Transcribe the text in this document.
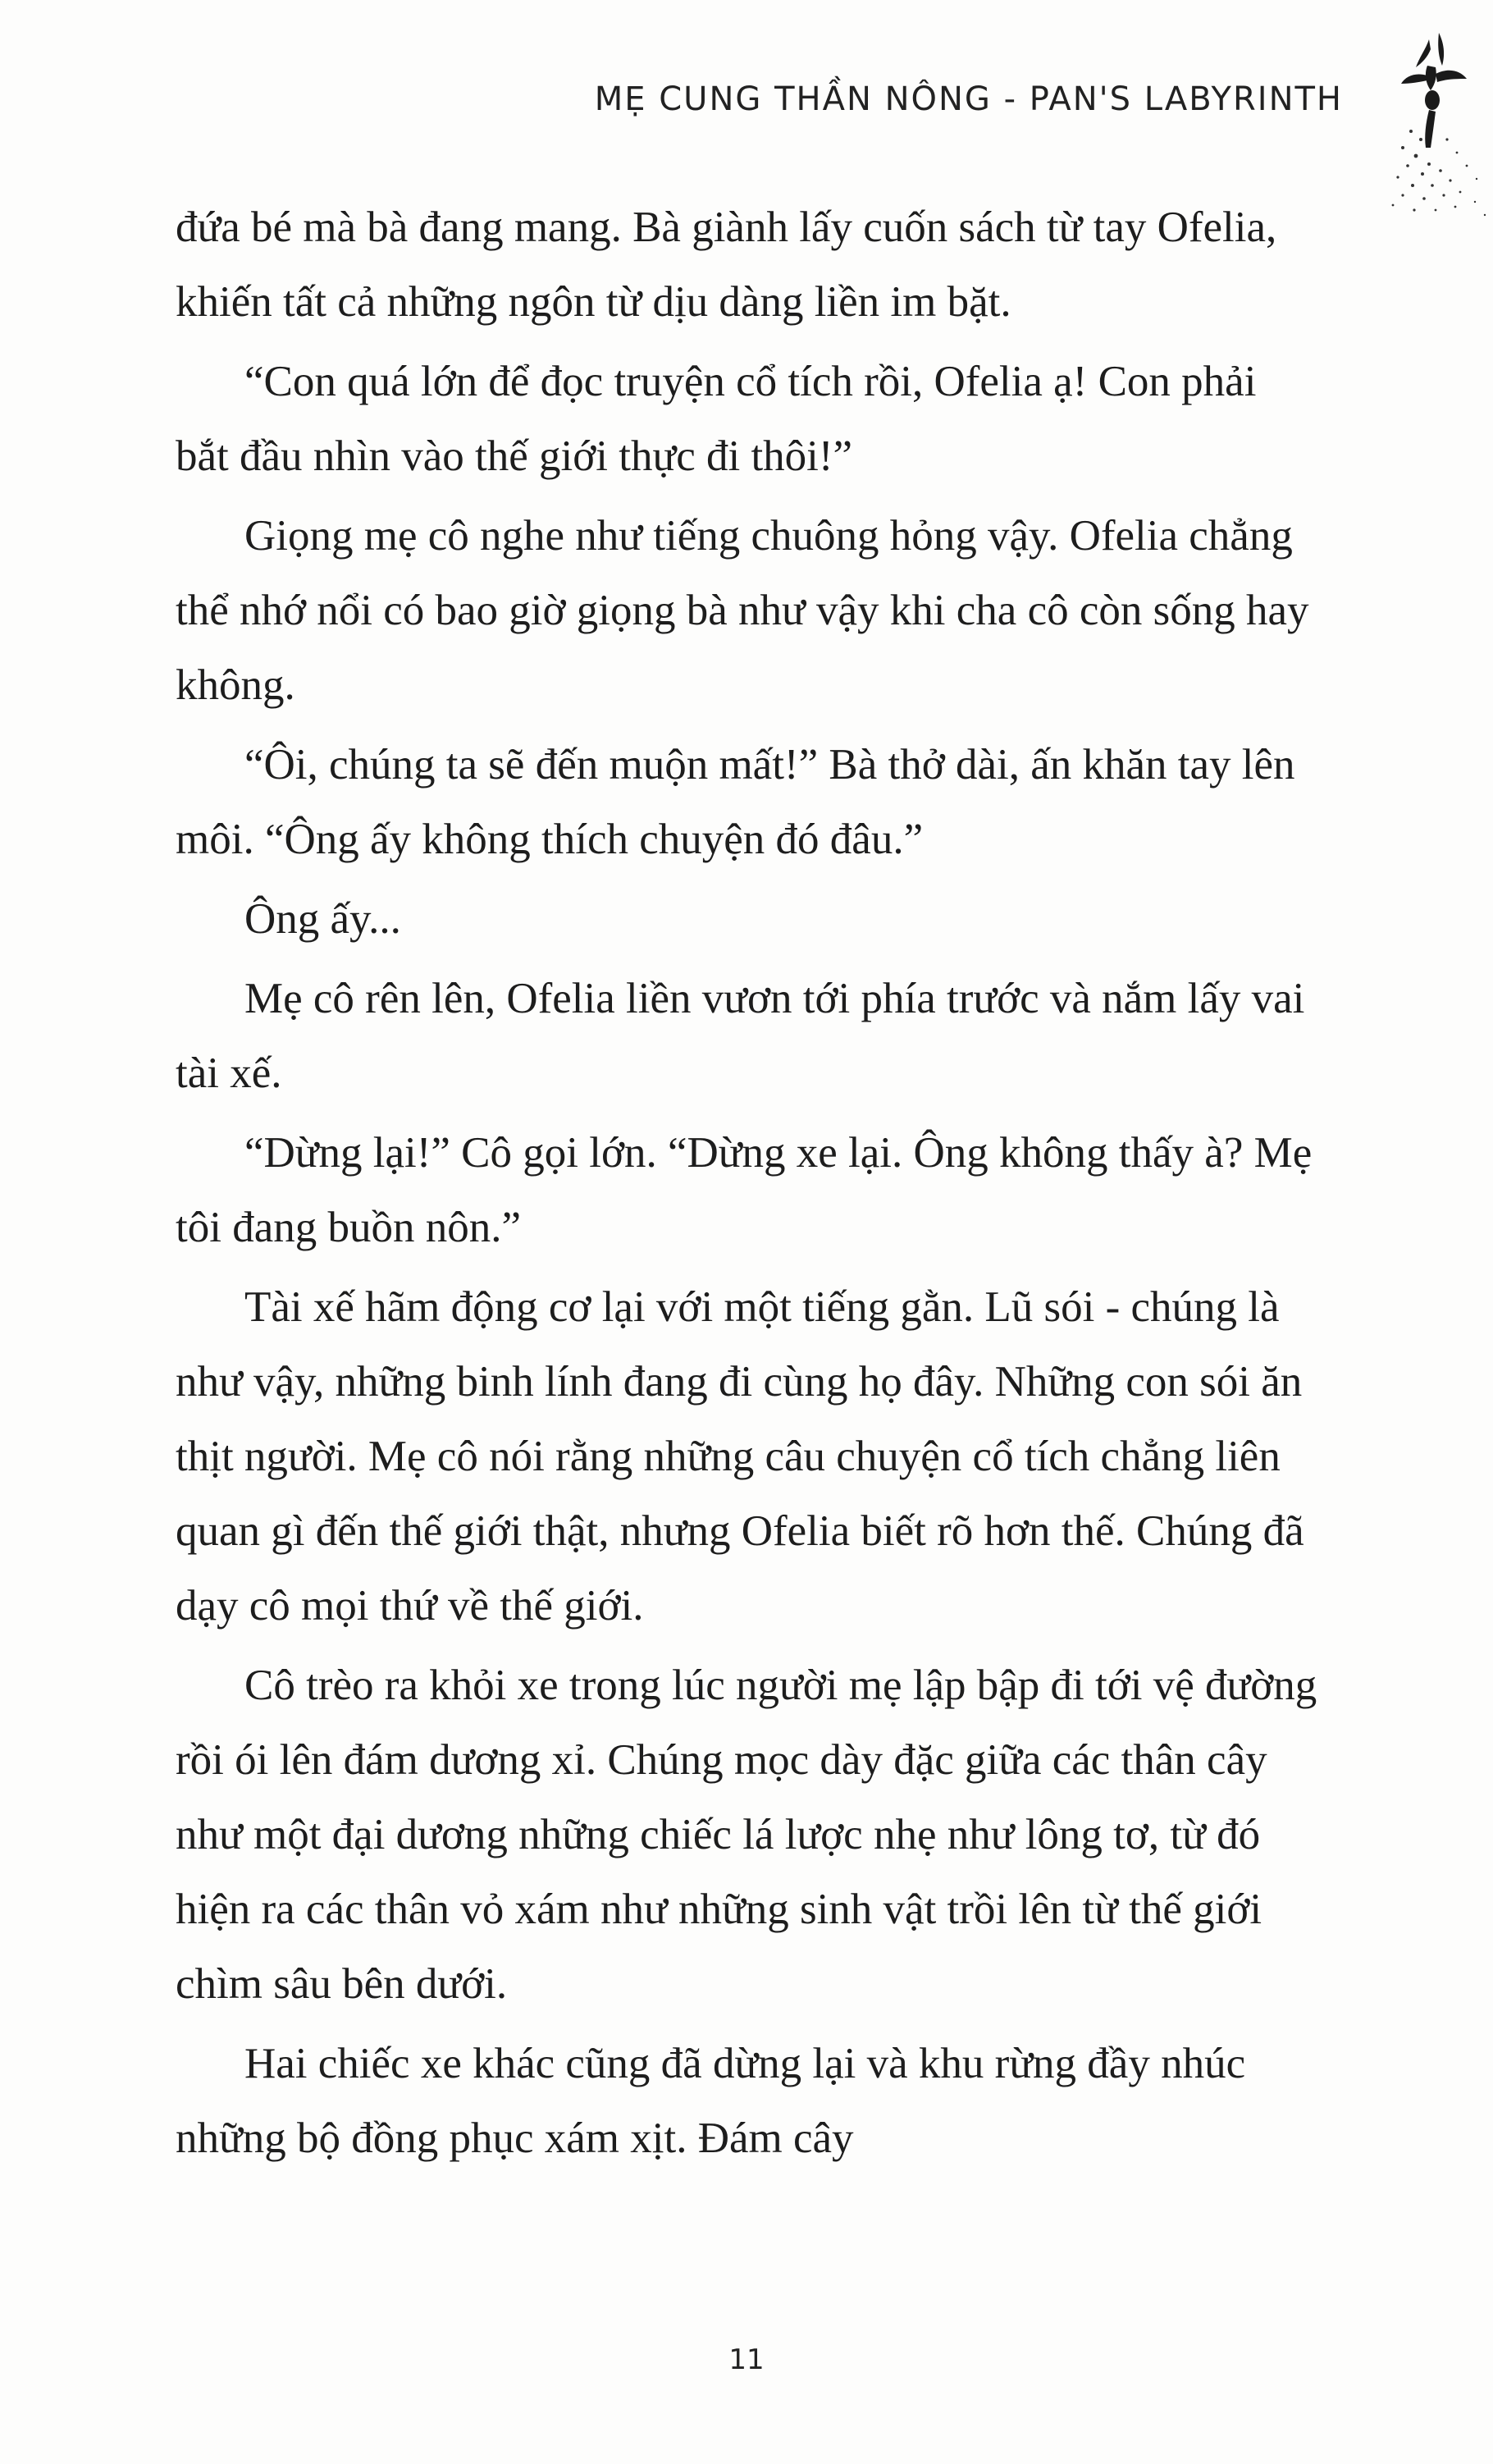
MẸ CUNG THẦN NÔNG - PAN'S LABYRINTH

đứa bé mà bà đang mang. Bà giành lấy cuốn sách từ tay Ofelia, khiến tất cả những ngôn từ dịu dàng liền im bặt.

“Con quá lớn để đọc truyện cổ tích rồi, Ofelia ạ! Con phải bắt đầu nhìn vào thế giới thực đi thôi!”

Giọng mẹ cô nghe như tiếng chuông hỏng vậy. Ofelia chẳng thể nhớ nổi có bao giờ giọng bà như vậy khi cha cô còn sống hay không.

“Ôi, chúng ta sẽ đến muộn mất!” Bà thở dài, ấn khăn tay lên môi. “Ông ấy không thích chuyện đó đâu.”

Ông ấy...

Mẹ cô rên lên, Ofelia liền vươn tới phía trước và nắm lấy vai tài xế.

“Dừng lại!” Cô gọi lớn. “Dừng xe lại. Ông không thấy à? Mẹ tôi đang buồn nôn.”

Tài xế hãm động cơ lại với một tiếng gằn. Lũ sói - chúng là như vậy, những binh lính đang đi cùng họ đây. Những con sói ăn thịt người. Mẹ cô nói rằng những câu chuyện cổ tích chẳng liên quan gì đến thế giới thật, nhưng Ofelia biết rõ hơn thế. Chúng đã dạy cô mọi thứ về thế giới.

Cô trèo ra khỏi xe trong lúc người mẹ lập bập đi tới vệ đường rồi ói lên đám dương xỉ. Chúng mọc dày đặc giữa các thân cây như một đại dương những chiếc lá lược nhẹ như lông tơ, từ đó hiện ra các thân vỏ xám như những sinh vật trồi lên từ thế giới chìm sâu bên dưới.

Hai chiếc xe khác cũng đã dừng lại và khu rừng đầy nhúc những bộ đồng phục xám xịt. Đám cây

11
